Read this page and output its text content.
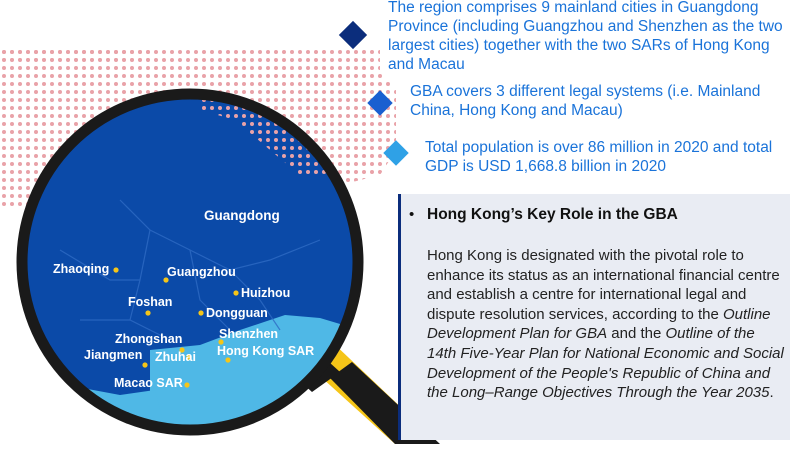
Guangdong
Zhaoqing	Guangzhou
Huizhou
Foshan
Dongguan
Zhongshan	Shenzhen
Hong Kong SAR
Jiangmen Zhuhai
Macao SAR
The region comprises 9 mainland cities in Guangdong Province (including Guangzhou and Shenzhen as the two largest cities) together with the two SARs of Hong Kong and Macau
GBA covers 3 different legal systems (i.e. Mainland China, Hong Kong and Macau)
Total population is over 86 million in 2020 and total GDP is USD 1,668.8 billion in 2020
• Hong Kong’s Key Role in the GBA
Hong Kong is designated with the pivotal role to enhance its status as an international financial centre and establish a centre for international legal and dispute resolution services, according to the Outline Development Plan for GBA and the Outline of the 14th Five-Year Plan for National Economic and Social Development of the People's Republic of China and the Long–Range Objectives Through the Year 2035.
